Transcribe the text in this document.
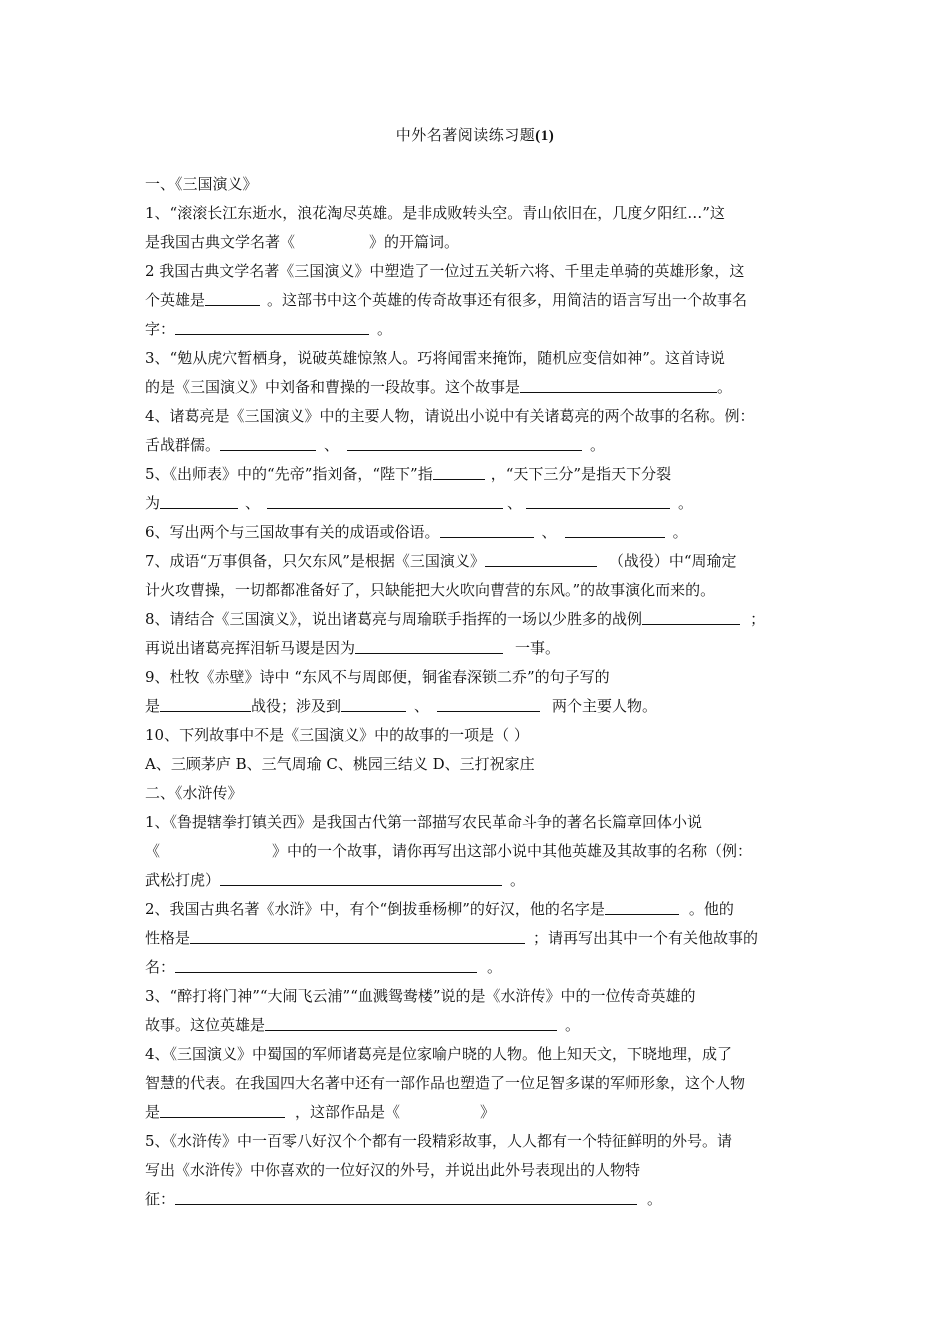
中外名著阅读练习题(1)
一、《三国演义》
1、“滚滚长江东逝水，浪花淘尽英雄。是非成败转头空。青山依旧在，几度夕阳红…”这
是我国古典文学名著《	》的开篇词。
2 我国古典文学名著《三国演义》中塑造了一位过五关斩六将、千里走单骑的英雄形象，这
个英雄是	。这部书中这个英雄的传奇故事还有很多，用简洁的语言写出一个故事名
字：	。
3、“勉从虎穴暂栖身，说破英雄惊煞人。巧将闻雷来掩饰，随机应变信如神”。这首诗说
的是《三国演义》中刘备和曹操的一段故事。这个故事是	。
4、诸葛亮是《三国演义》中的主要人物，请说出小说中有关诸葛亮的两个故事的名称。例：
舌战群儒。	、	。
5、《出师表》中的“先帝”指刘备，“陛下”指	，“天下三分”是指天下分裂
为	、	、	。
6、写出两个与三国故事有关的成语或俗语。	、	。
7、成语“万事俱备，只欠东风”是根据《三国演义》	（战役）中“周瑜定
计火攻曹操，一切都都准备好了，只缺能把大火吹向曹营的东风。”的故事演化而来的。
8、请结合《三国演义》，说出诸葛亮与周瑜联手指挥的一场以少胜多的战例	；
再说出诸葛亮挥泪斩马谡是因为	一事。
9、杜牧《赤壁》诗中 “东风不与周郎便，铜雀春深锁二乔”的句子写的
是	战役；涉及到	、	两个主要人物。
10、下列故事中不是《三国演义》中的故事的一项是（ ）
A、三顾茅庐 B、三气周瑜 C、桃园三结义 D、三打祝家庄
二、《水浒传》
1、《鲁提辖拳打镇关西》是我国古代第一部描写农民革命斗争的著名长篇章回体小说
《	》中的一个故事，请你再写出这部小说中其他英雄及其故事的名称（例：
武松打虎）	。
2、我国古典名著《水浒》中，有个“倒拔垂杨柳”的好汉，他的名字是	。他的
性格是	；请再写出其中一个有关他故事的
名：	。
3、“醉打将门神”“大闹飞云浦”“血溅鸳鸯楼”说的是《水浒传》中的一位传奇英雄的
故事。这位英雄是	。
4、《三国演义》中蜀国的军师诸葛亮是位家喻户晓的人物。他上知天文，下晓地理，成了
智慧的代表。在我国四大名著中还有一部作品也塑造了一位足智多谋的军师形象，这个人物
是	，这部作品是《	》
5、《水浒传》中一百零八好汉个个都有一段精彩故事，人人都有一个特征鲜明的外号。请
写出《水浒传》中你喜欢的一位好汉的外号，并说出此外号表现出的人物特
征：	。
